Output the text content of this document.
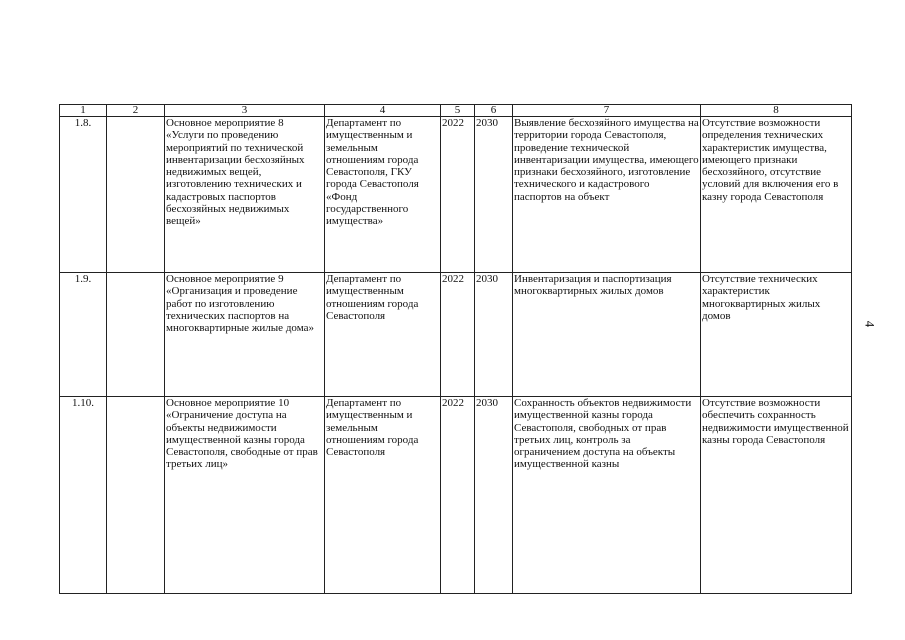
1	2	3	4	5	6	7	8
1.8.		Основное мероприятие 8 «Услуги по проведению мероприятий по технической инвентаризации бесхозяйных недвижимых вещей, изготовлению технических и кадастровых паспортов бесхозяйных недвижимых вещей»	Департамент по имущественным и земельным отношениям города Севастополя, ГКУ города Севастополя «Фонд государственного имущества»	2022	2030	Выявление бесхозяйного имущества на территории города Севастополя, проведение технической инвентаризации имущества, имеющего признаки бесхозяйного, изготовление технического и кадастрового паспортов на объект	Отсутствие возможности определения технических характеристик имущества, имеющего признаки бесхозяйного, отсутствие условий для включения его в казну города Севастополя
1.9.		Основное мероприятие 9 «Организация и проведение работ по изготовлению технических паспортов на многоквартирные жилые дома»	Департамент по имущественным отношениям города Севастополя	2022	2030	Инвентаризация и паспортизация многоквартирных жилых домов	Отсутствие технических характеристик многоквартирных жилых домов
1.10.		Основное мероприятие 10 «Ограничение доступа на объекты недвижимости имущественной казны города Севастополя, свободные от прав третьих лиц»	Департамент по имущественным и земельным отношениям города Севастополя	2022	2030	Сохранность объектов недвижимости имущественной казны города Севастополя, свободных от прав третьих лиц, контроль за ограничением доступа на объекты имущественной казны	Отсутствие возможности обеспечить сохранность недвижимости имущественной казны города Севастополя
4
